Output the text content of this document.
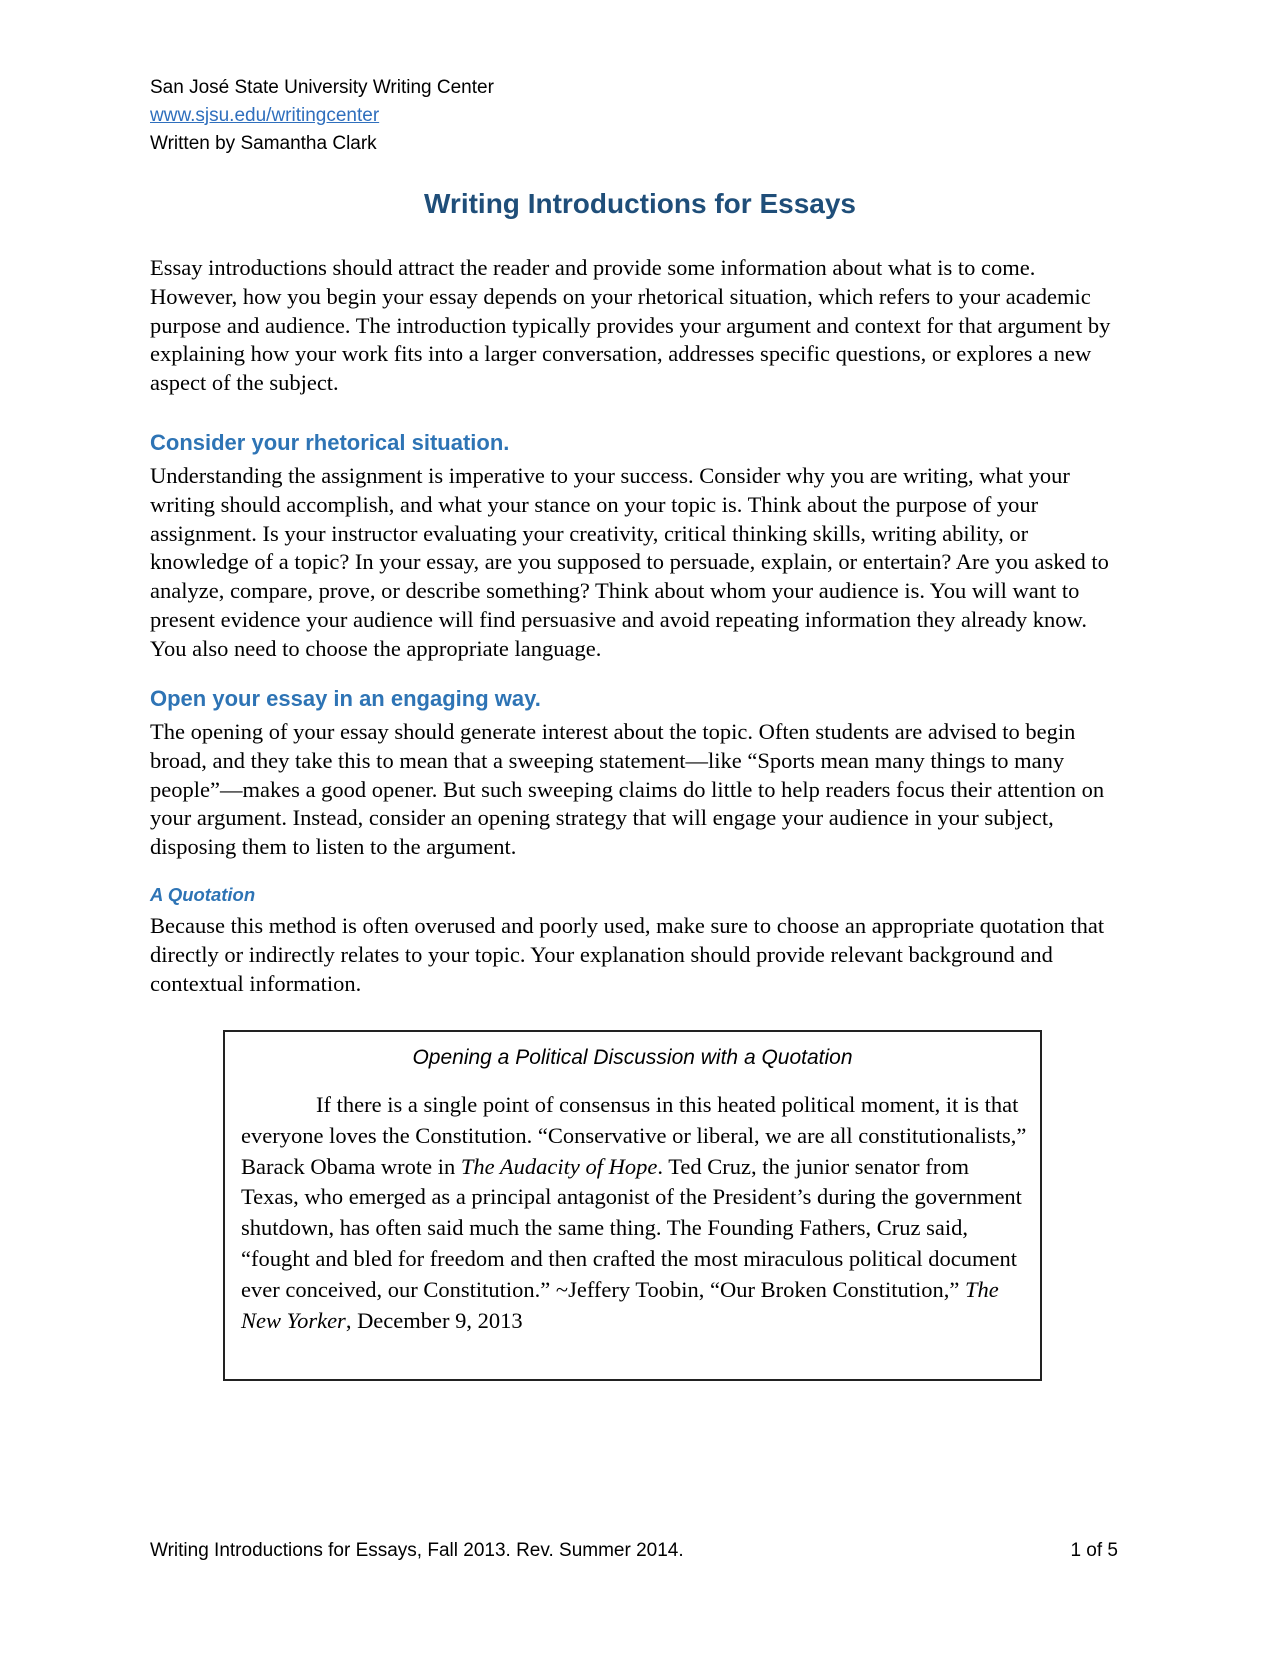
San José State University Writing Center
www.sjsu.edu/writingcenter
Written by Samantha Clark
Writing Introductions for Essays
Essay introductions should attract the reader and provide some information about what is to come. However, how you begin your essay depends on your rhetorical situation, which refers to your academic purpose and audience. The introduction typically provides your argument and context for that argument by explaining how your work fits into a larger conversation, addresses specific questions, or explores a new aspect of the subject.
Consider your rhetorical situation.
Understanding the assignment is imperative to your success. Consider why you are writing, what your writing should accomplish, and what your stance on your topic is. Think about the purpose of your assignment. Is your instructor evaluating your creativity, critical thinking skills, writing ability, or knowledge of a topic? In your essay, are you supposed to persuade, explain, or entertain? Are you asked to analyze, compare, prove, or describe something? Think about whom your audience is. You will want to present evidence your audience will find persuasive and avoid repeating information they already know. You also need to choose the appropriate language.
Open your essay in an engaging way.
The opening of your essay should generate interest about the topic. Often students are advised to begin broad, and they take this to mean that a sweeping statement—like “Sports mean many things to many people”—makes a good opener. But such sweeping claims do little to help readers focus their attention on your argument. Instead, consider an opening strategy that will engage your audience in your subject, disposing them to listen to the argument.
A Quotation
Because this method is often overused and poorly used, make sure to choose an appropriate quotation that directly or indirectly relates to your topic. Your explanation should provide relevant background and contextual information.
Opening a Political Discussion with a Quotation
If there is a single point of consensus in this heated political moment, it is that everyone loves the Constitution. “Conservative or liberal, we are all constitutionalists,” Barack Obama wrote in The Audacity of Hope. Ted Cruz, the junior senator from Texas, who emerged as a principal antagonist of the President’s during the government shutdown, has often said much the same thing. The Founding Fathers, Cruz said, “fought and bled for freedom and then crafted the most miraculous political document ever conceived, our Constitution.” ~Jeffery Toobin, “Our Broken Constitution,” The New Yorker, December 9, 2013
Writing Introductions for Essays, Fall 2013. Rev. Summer 2014.	1 of 5
